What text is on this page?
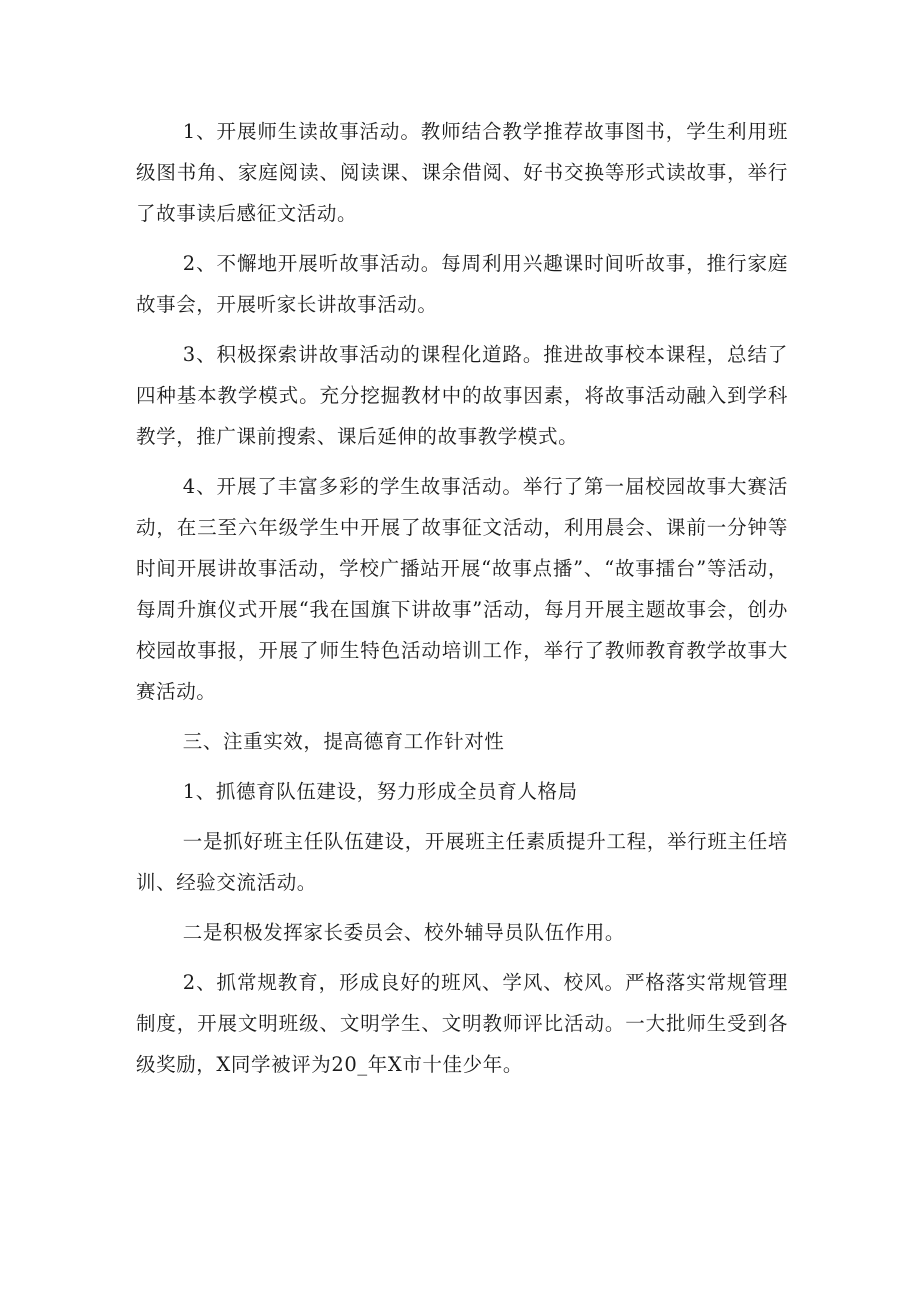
1、开展师生读故事活动。教师结合教学推荐故事图书，学生利用班级图书角、家庭阅读、阅读课、课余借阅、好书交换等形式读故事，举行了故事读后感征文活动。

2、不懈地开展听故事活动。每周利用兴趣课时间听故事，推行家庭故事会，开展听家长讲故事活动。

3、积极探索讲故事活动的课程化道路。推进故事校本课程，总结了四种基本教学模式。充分挖掘教材中的故事因素，将故事活动融入到学科教学，推广课前搜索、课后延伸的故事教学模式。

4、开展了丰富多彩的学生故事活动。举行了第一届校园故事大赛活动，在三至六年级学生中开展了故事征文活动，利用晨会、课前一分钟等时间开展讲故事活动，学校广播站开展“故事点播”、“故事擂台”等活动，每周升旗仪式开展“我在国旗下讲故事”活动，每月开展主题故事会，创办校园故事报，开展了师生特色活动培训工作，举行了教师教育教学故事大赛活动。

三、注重实效，提高德育工作针对性

1、抓德育队伍建设，努力形成全员育人格局

一是抓好班主任队伍建设，开展班主任素质提升工程，举行班主任培训、经验交流活动。

二是积极发挥家长委员会、校外辅导员队伍作用。

2、抓常规教育，形成良好的班风、学风、校风。严格落实常规管理制度，开展文明班级、文明学生、文明教师评比活动。一大批师生受到各级奖励，X同学被评为20_年X市十佳少年。
